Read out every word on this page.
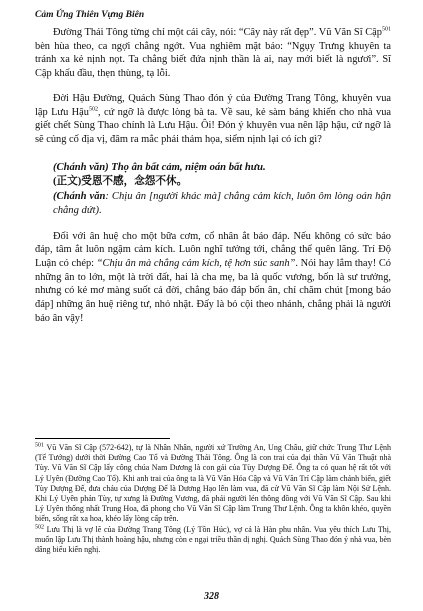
Cảm Ứng Thiên Vựng Biên

Đường Thái Tông từng chỉ một cái cây, nói: “Cây này rất đẹp”. Vũ Văn Sĩ Cập$^{501}$ bèn hùa theo, ca ngợi chẳng ngớt. Vua nghiêm mặt bảo: “Ngụy Trưng khuyên ta tránh xa kẻ nịnh nọt. Ta chẳng biết đứa nịnh thần là ai, nay mới biết là ngươi”. Sĩ Cập khấu đầu, thẹn thùng, tạ lỗi.

Đời Hậu Đường, Quách Sùng Thao đón ý của Đường Trang Tông, khuyên vua lập Lưu Hậu$^{502}$, cứ ngỡ là được lòng bà ta. Về sau, kẻ sàm báng khiến cho nhà vua giết chết Sùng Thao chính là Lưu Hậu. Ôi! Đón ý khuyên vua nên lập hậu, cứ ngỡ là sẽ củng cố địa vị, đâm ra mắc phải thảm họa, siểm nịnh lại có ích gì?

(Chánh văn) Thọ ân bất cảm, niệm oán bất hưu.
(正文)受恩不感，念怨不休。
(Chánh văn: Chịu ân [người khác mà] chẳng cảm kích, luôn ôm lòng oán hận chẳng dứt).

Đối với ân huệ cho một bữa cơm, cổ nhân ắt báo đáp. Nếu không có sức báo đáp, tâm ắt luôn ngậm cảm kích. Luôn nghĩ tưởng tới, chẳng thể quên lãng. Trí Độ Luận có chép: “Chịu ân mà chẳng cảm kích, tệ hơn súc sanh”. Nói hay lắm thay! Có những ân to lớn, một là trời đất, hai là cha mẹ, ba là quốc vương, bốn là sư trưởng, nhưng có kẻ mơ màng suốt cả đời, chẳng báo đáp bốn ân, chỉ chăm chút [mong báo đáp] những ân huệ riêng tư, nhỏ nhặt. Đấy là bỏ cội theo nhánh, chẳng phải là người báo ân vậy!

$^{501}$ Vũ Văn Sĩ Cập (572-642), tự là Nhân Nhân, người xứ Trường An, Ung Châu, giữ chức Trung Thư Lệnh (Tể Tướng) dưới thời Đường Cao Tổ và Đường Thái Tông. Ông là con trai của đại thần Vũ Văn Thuật nhà Tùy. Vũ Văn Sĩ Cập lấy công chúa Nam Dương là con gái của Tùy Dượng Đế. Ông ta có quan hệ rất tốt với Lý Uyên (Đường Cao Tổ). Khi anh trai của ông ta là Vũ Văn Hóa Cập và Vũ Văn Trí Cập làm chánh biến, giết Tùy Dượng Đế, đưa cháu của Dượng Đế là Dương Hạo lên làm vua, đã cử Vũ Văn Sĩ Cập làm Nội Sử Lệnh. Khi Lý Uyên phản Tùy, tự xưng là Đường Vương, đã phái người lén thông đồng với Vũ Văn Sĩ Cập. Sau khi Lý Uyên thống nhất Trung Hoa, đã phong cho Vũ Văn Sĩ Cập làm Trung Thư Lệnh. Ông ta khôn khéo, quyền biến, sống rất xa hoa, khéo lấy lòng cấp trên.

$^{502}$ Lưu Thị là vợ lẽ của Đường Trang Tông (Lý Tồn Húc), vợ cả là Hàn phu nhân. Vua yêu thích Lưu Thị, muốn lập Lưu Thị thành hoàng hậu, nhưng còn e ngại triều thần dị nghị. Quách Sùng Thao đón ý nhà vua, bèn dâng biểu kiến nghị.

328
